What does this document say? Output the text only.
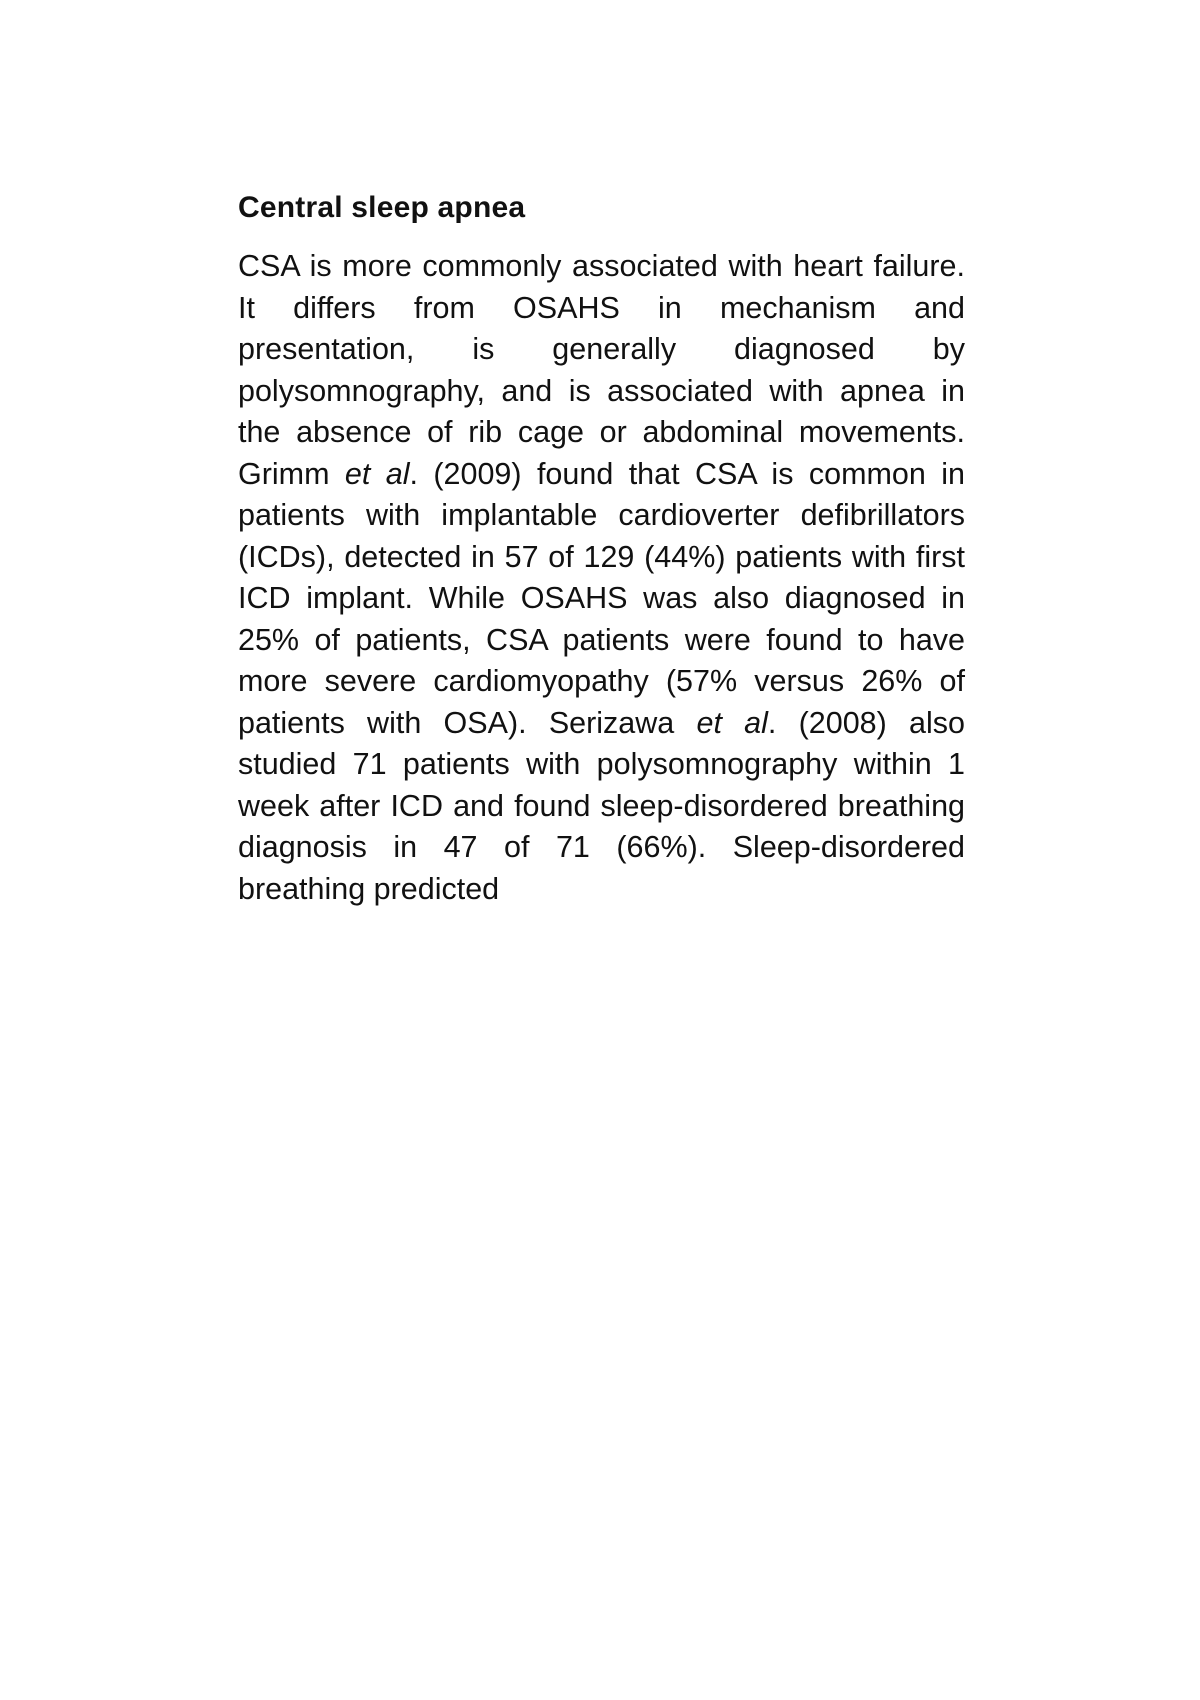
Central sleep apnea

CSA is more commonly associated with heart failure. It differs from OSAHS in mechanism and presentation, is generally diagnosed by polysomnography, and is associated with apnea in the absence of rib cage or abdominal movements. Grimm et al. (2009) found that CSA is common in patients with implantable cardioverter defibrillators (ICDs), detected in 57 of 129 (44%) patients with first ICD implant. While OSAHS was also diagnosed in 25% of patients, CSA patients were found to have more severe cardiomyopathy (57% versus 26% of patients with OSA). Serizawa et al. (2008) also studied 71 patients with polysomnography within 1 week after ICD and found sleep-disordered breathing diagnosis in 47 of 71 (66%). Sleep-disordered breathing predicted
